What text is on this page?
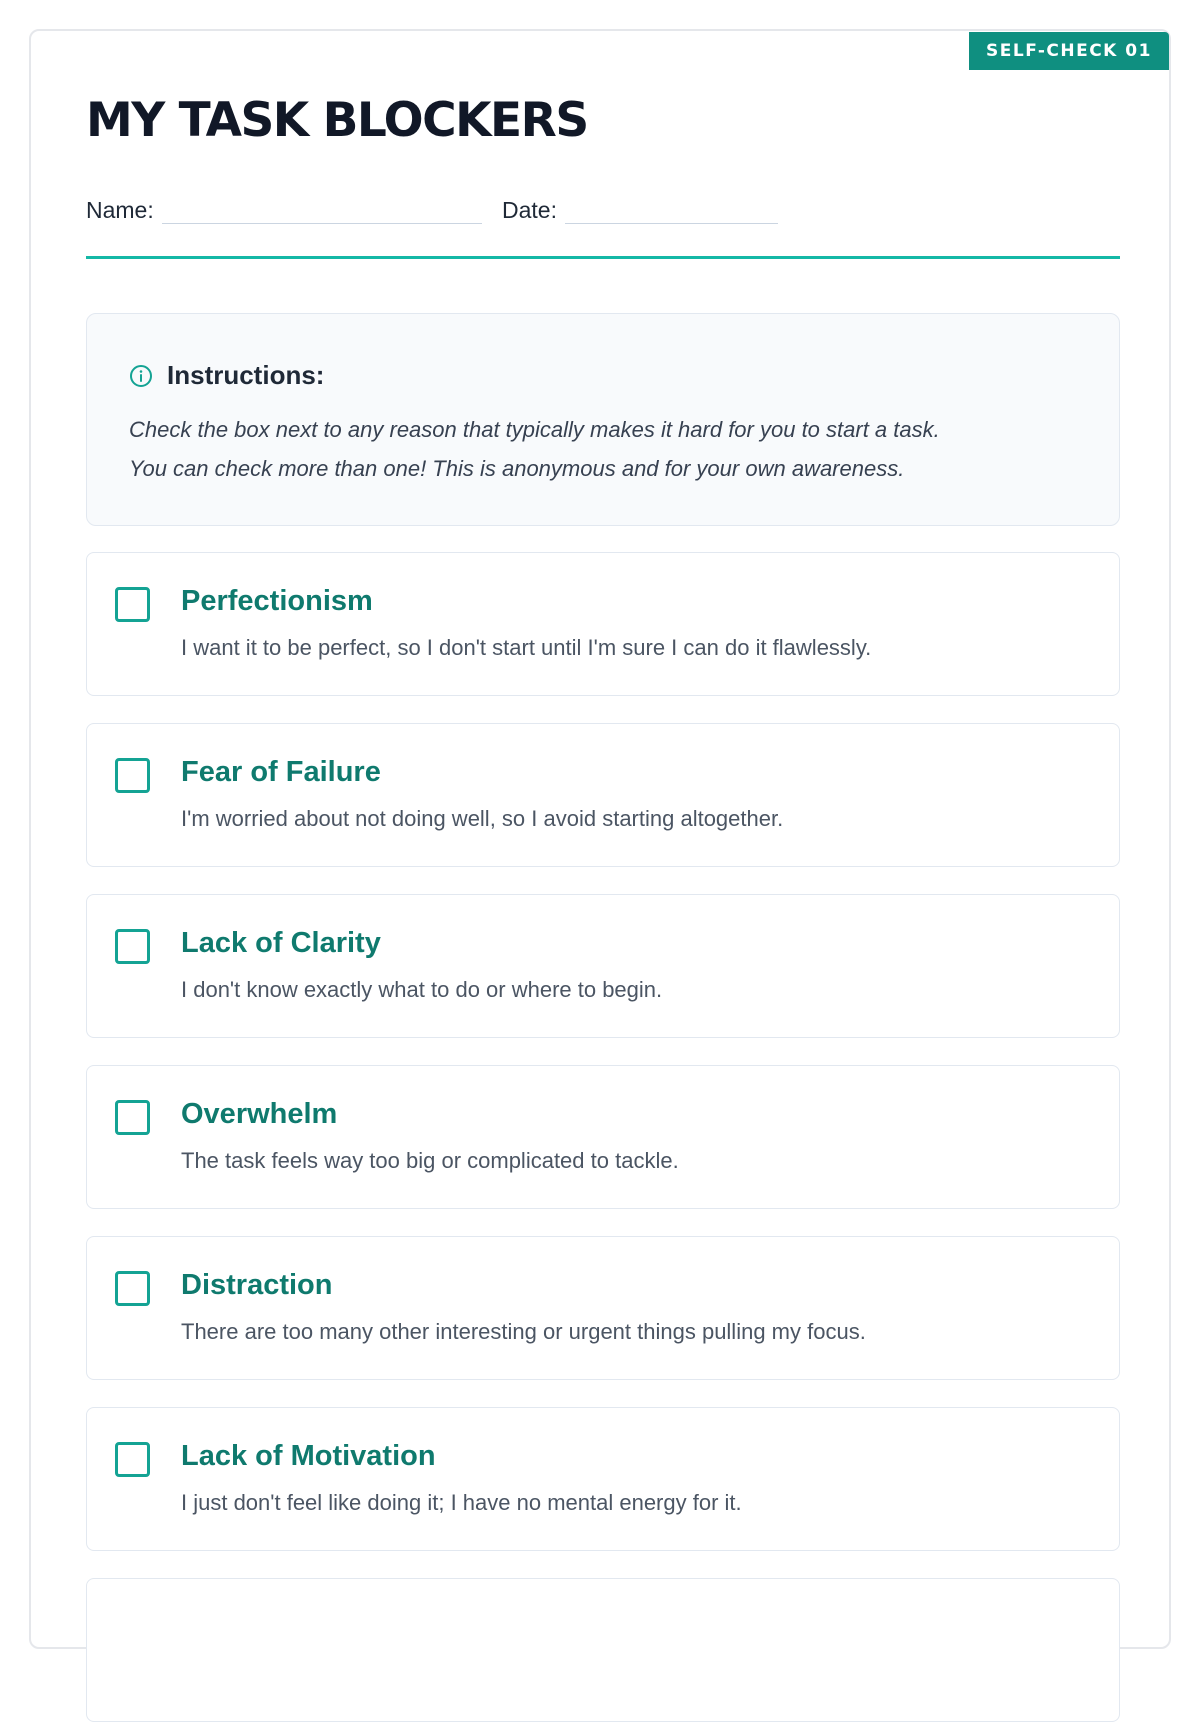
SELF-CHECK 01
MY TASK BLOCKERS
Name:	Date:
Instructions:
Check the box next to any reason that typically makes it hard for you to start a task.
You can check more than one! This is anonymous and for your own awareness.
Perfectionism
I want it to be perfect, so I don't start until I'm sure I can do it flawlessly.
Fear of Failure
I'm worried about not doing well, so I avoid starting altogether.
Lack of Clarity
I don't know exactly what to do or where to begin.
Overwhelm
The task feels way too big or complicated to tackle.
Distraction
There are too many other interesting or urgent things pulling my focus.
Lack of Motivation
I just don't feel like doing it; I have no mental energy for it.
